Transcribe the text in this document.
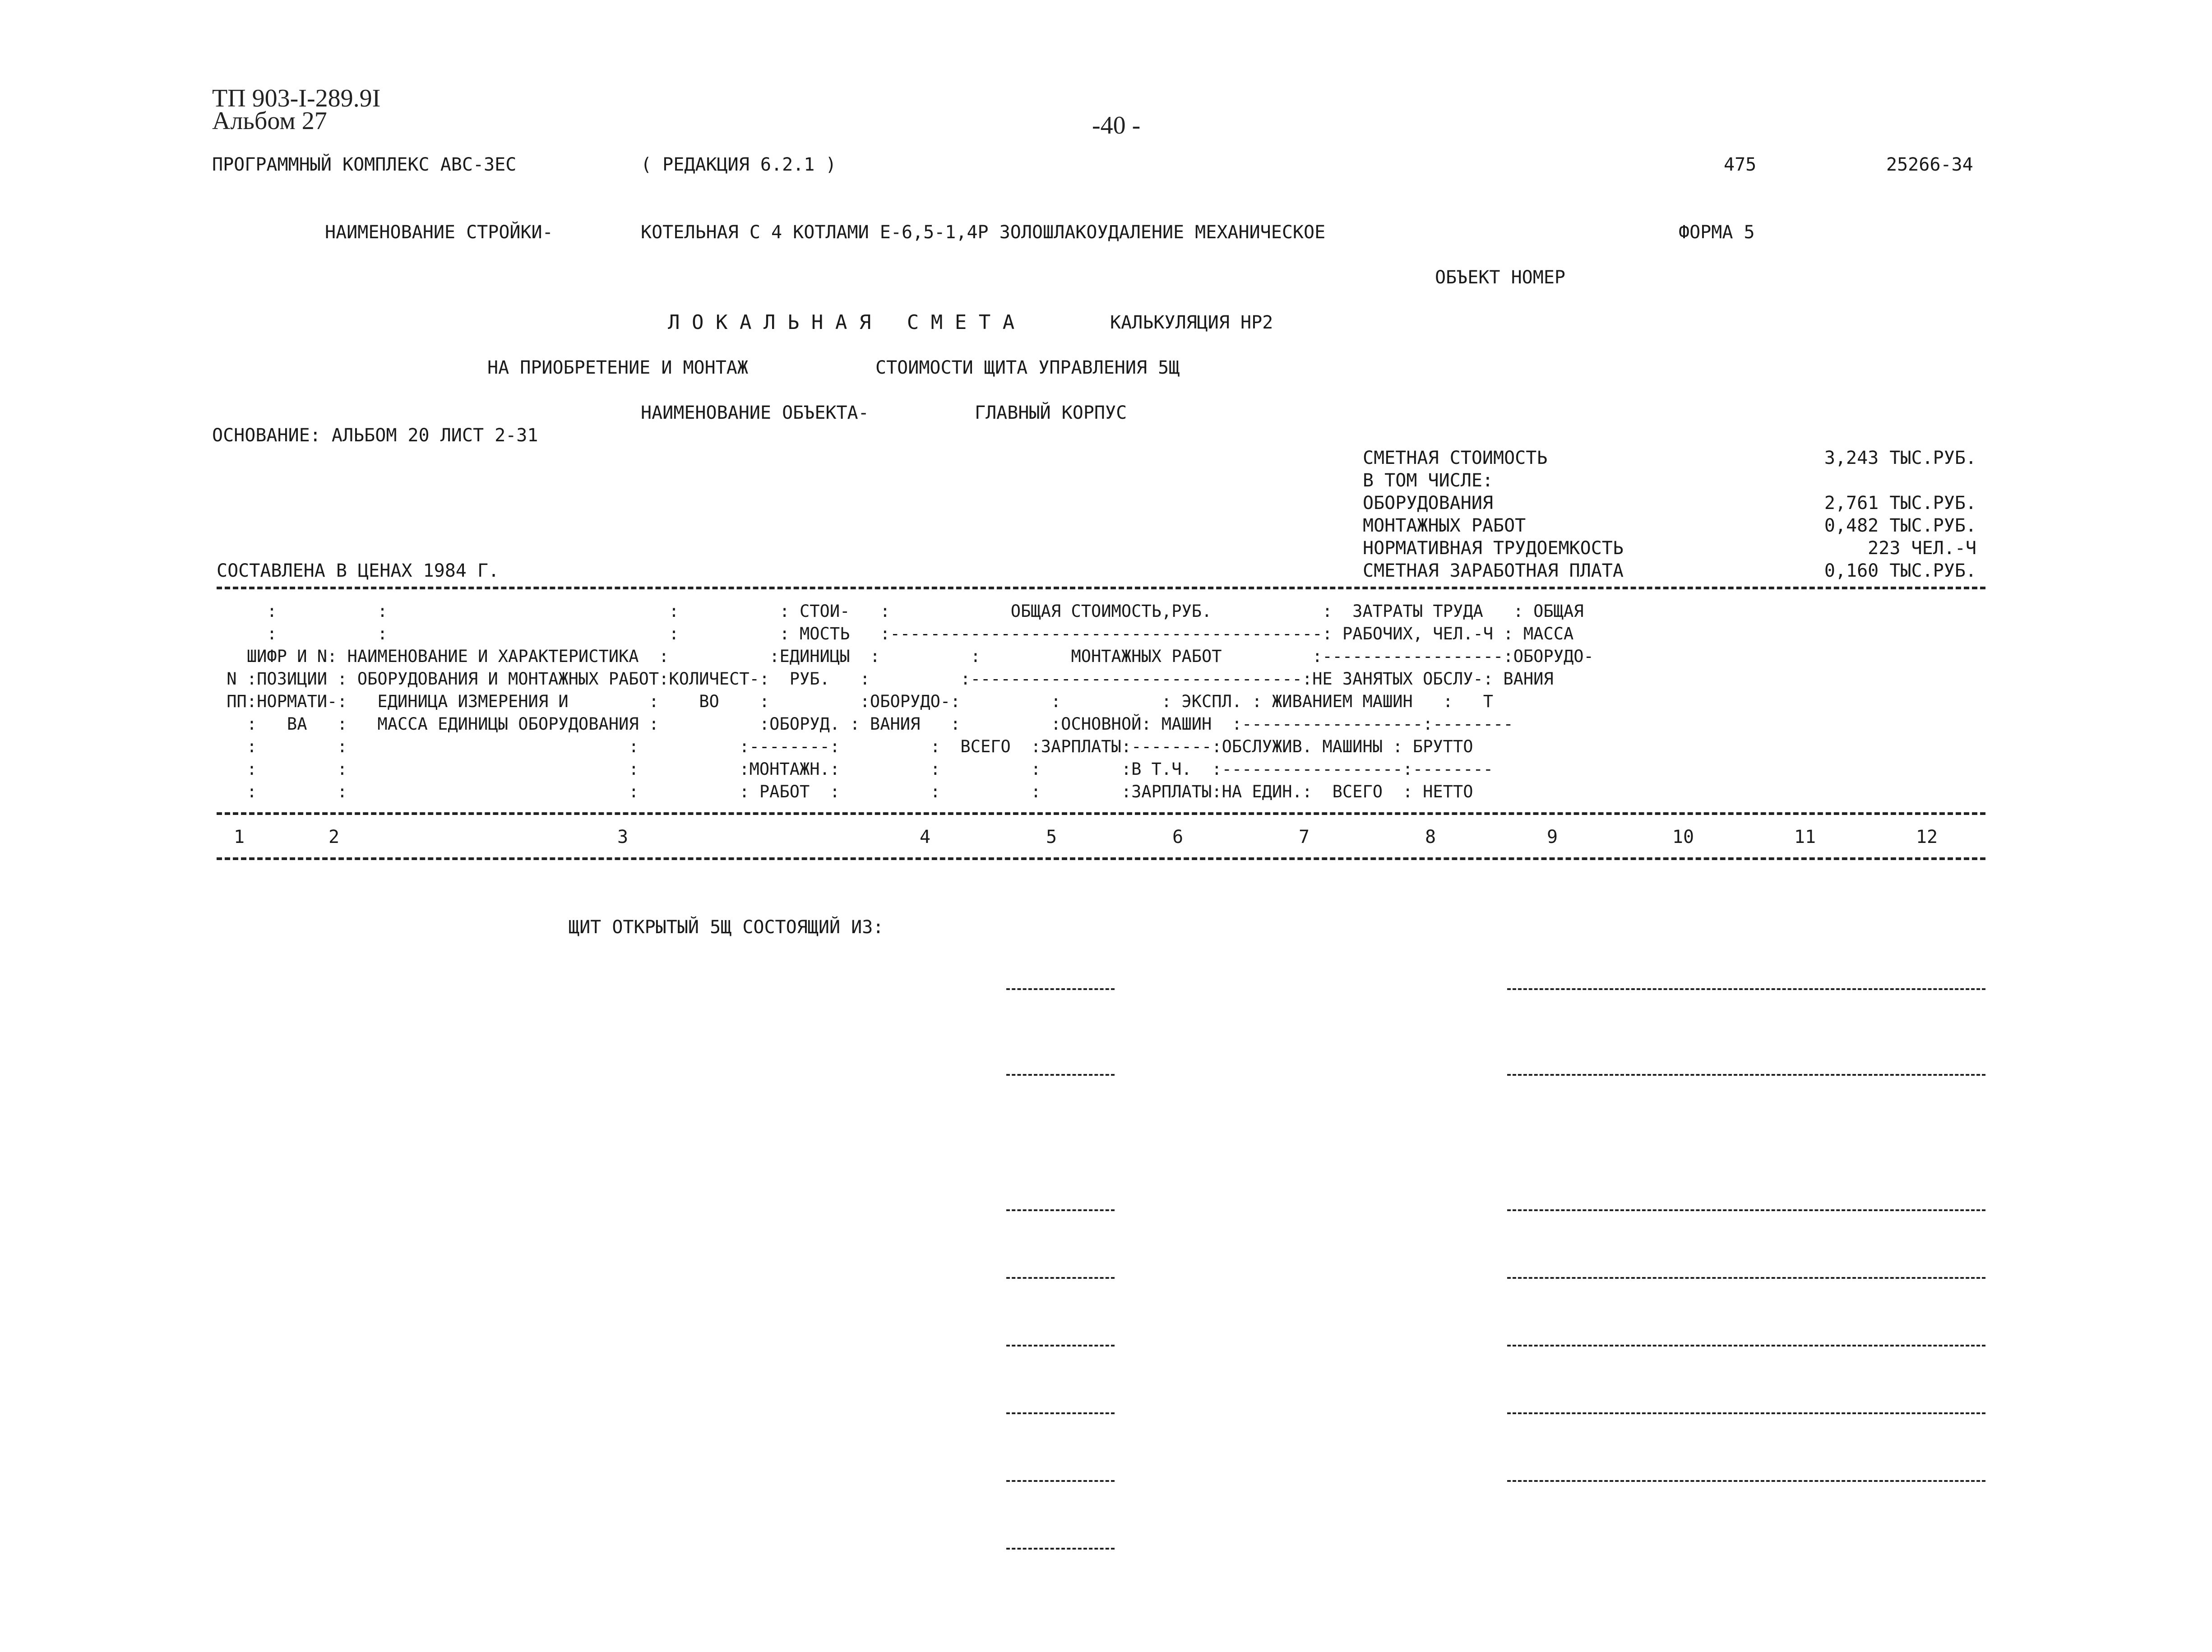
ТП 903-I-289.9I
Альбом 27	-40 -
ПРОГРАММНЫЙ КОМПЛЕКС АВС-3ЕС	( РЕДАКЦИЯ 6.2.1 )	475	25266-34
НАИМЕНОВАНИЕ СТРОЙКИ-	КОТЕЛЬНАЯ С 4 КОТЛАМИ Е-6,5-1,4Р ЗОЛОШЛАКОУДАЛЕНИЕ МЕХАНИЧЕСКОЕ	ФОРМА 5
ОБЪЕКТ НОМЕР
Л О К А Л Ь Н А Я   С М Е Т А	КАЛЬКУЛЯЦИЯ НР2
НА ПРИОБРЕТЕНИЕ И МОНТАЖ	СТОИМОСТИ ЩИТА УПРАВЛЕНИЯ 5Щ
НАИМЕНОВАНИЕ ОБЪЕКТА-	ГЛАВНЫЙ КОРПУС
ОСНОВАНИЕ: АЛЬБОМ 20 ЛИСТ 2-31
СМЕТНАЯ СТОИМОСТЬ	3,243 ТЫС.РУБ.
В ТОМ ЧИСЛЕ:
ОБОРУДОВАНИЯ	2,761 ТЫС.РУБ.
МОНТАЖНЫХ РАБОТ	0,482 ТЫС.РУБ.
НОРМАТИВНАЯ ТРУДОЕМКОСТЬ	223 ЧЕЛ.-Ч
СМЕТНАЯ ЗАРАБОТНАЯ ПЛАТА	0,160 ТЫС.РУБ.
СОСТАВЛЕНА В ЦЕНАХ 1984 Г.
:          :                            :          : СТОИ-   :            ОБЩАЯ СТОИМОСТЬ,РУБ.           :  ЗАТРАТЫ ТРУДА   : ОБЩАЯ
:          :                            :          : МОСТЬ   :-------------------------------------------: РАБОЧИХ, ЧЕЛ.-Ч : МАССА
ШИФР И N: НАИМЕНОВАНИЕ И ХАРАКТЕРИСТИКА  :          :ЕДИНИЦЫ  :         :         МОНТАЖНЫХ РАБОТ         :------------------:ОБОРУДО-
N :ПОЗИЦИИ : ОБОРУДОВАНИЯ И МОНТАЖНЫХ РАБОТ:КОЛИЧЕСТ-:  РУБ.   :         :---------------------------------:НЕ ЗАНЯТЫХ ОБСЛУ-: ВАНИЯ
ПП:НОРМАТИ-:   ЕДИНИЦА ИЗМЕРЕНИЯ И        :    ВО    :         :ОБОРУДО-:         :          : ЭКСПЛ. : ЖИВАНИЕМ МАШИН   :   Т
:   ВА   :   МАССА ЕДИНИЦЫ ОБОРУДОВАНИЯ :          :ОБОРУД. : ВАНИЯ   :         :ОСНОВНОЙ: МАШИН  :------------------:--------
:        :                            :          :--------:         :  ВСЕГО  :ЗАРПЛАТЫ:--------:ОБСЛУЖИВ. МАШИНЫ : БРУТТО
:        :                            :          :МОНТАЖН.:         :         :        :В Т.Ч.  :------------------:--------
:        :                            :          : РАБОТ  :         :         :        :ЗАРПЛАТЫ:НА ЕДИН.:  ВСЕГО  : НЕТТО
1	2	3	4	5	6	7	8	9	10	11	12
ЩИТ ОТКРЫТЫЙ 5Щ СОСТОЯЩИЙ ИЗ:
